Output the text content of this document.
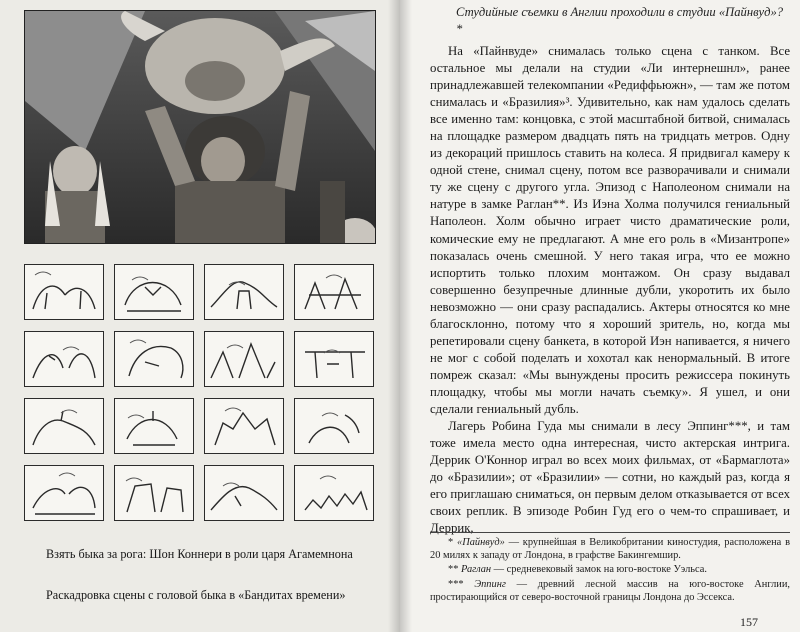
Взять быка за рога: Шон Коннери в роли царя Агамемнона
Раскадровка сцены с головой быка в «Бандитах времени»
Студийные съемки в Англии проходили в студии «Пайнвуд»?*

На «Пайнвуде» снималась только сцена с танком. Все остальное мы делали на студии «Ли интернешнл», ранее принадлежавшей телекомпании «Редиффьюжн», — там же потом снималась и «Бразилия»³. Удивительно, как нам удалось сделать все именно там: концовка, с этой масштабной битвой, снималась на площадке размером двадцать пять на тридцать метров. Одну из декораций пришлось ставить на колеса. Я придвигал камеру к одной стене, снимал сцену, потом все разворачивали и снимали ту же сцену с другого угла. Эпизод с Наполеоном снимали на натуре в замке Раглан**. Из Иэна Холма получился гениальный Наполеон. Холм обычно играет чисто драматические роли, комические ему не предлагают. А мне его роль в «Мизантропе» показалась очень смешной. У него такая игра, что ее можно испортить только плохим монтажом. Он сразу выдавал совершенно безупречные длинные дубли, укоротить их было невозможно — они сразу распадались. Актеры относятся ко мне благосклонно, потому что я хороший зритель, но, когда мы репетировали сцену банкета, в которой Иэн напивается, я ничего не мог с собой поделать и хохотал как ненормальный. В итоге помреж сказал: «Мы вынуждены просить режиссера покинуть площадку, чтобы мы могли начать съемку». Я ушел, и они сделали гениальный дубль.

Лагерь Робина Гуда мы снимали в лесу Эппинг***, и там тоже имела место одна интересная, чисто актерская интрига. Деррик О'Коннор играл во всех моих фильмах, от «Бармаглота» до «Бразилии»; от «Бразилии» — сотни, но каждый раз, когда я его приглашаю сниматься, он первым делом отказывается от всех своих реплик. В эпизоде Робин Гуд его о чем-то спрашивает, и Деррик,

* «Пайнвуд» — крупнейшая в Великобритании киностудия, расположена в 20 милях к западу от Лондона, в графстве Бакингемшир.

** Раглан — средневековый замок на юго-востоке Уэльса.

*** Эппинг — древний лесной массив на юго-востоке Англии, простирающийся от северо-восточной границы Лондона до Эссекса.

157
